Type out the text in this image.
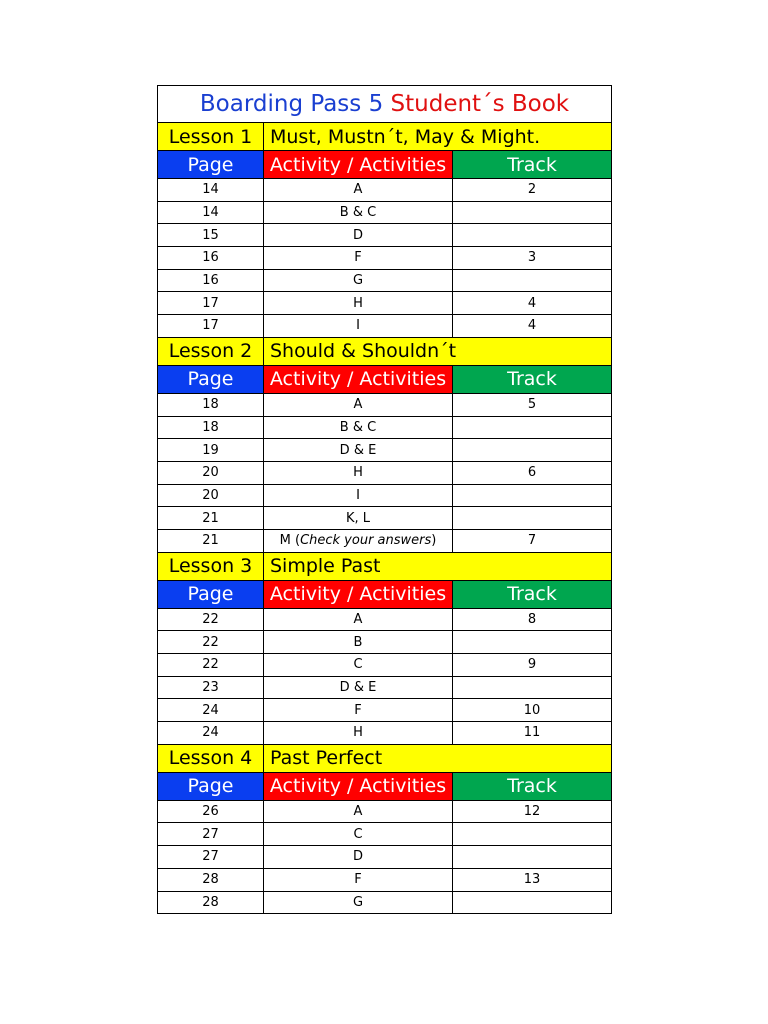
Boarding Pass 5 Student´s Book		
Lesson 1	Must, Mustn´t, May & Might.	
Page	Activity / Activities	Track
14	A	2
14	B & C	
15	D	
16	F	3
16	G	
17	H	4
17	I	4
Lesson 2	Should & Shouldn´t	
Page	Activity / Activities	Track
18	A	5
18	B & C	
19	D & E	
20	H	6
20	I	
21	K, L	
21	M (Check your answers)	7
Lesson 3	Simple Past	
Page	Activity / Activities	Track
22	A	8
22	B	
22	C	9
23	D & E	
24	F	10
24	H	11
Lesson 4	Past Perfect	
Page	Activity / Activities	Track
26	A	12
27	C	
27	D	
28	F	13
28	G	
